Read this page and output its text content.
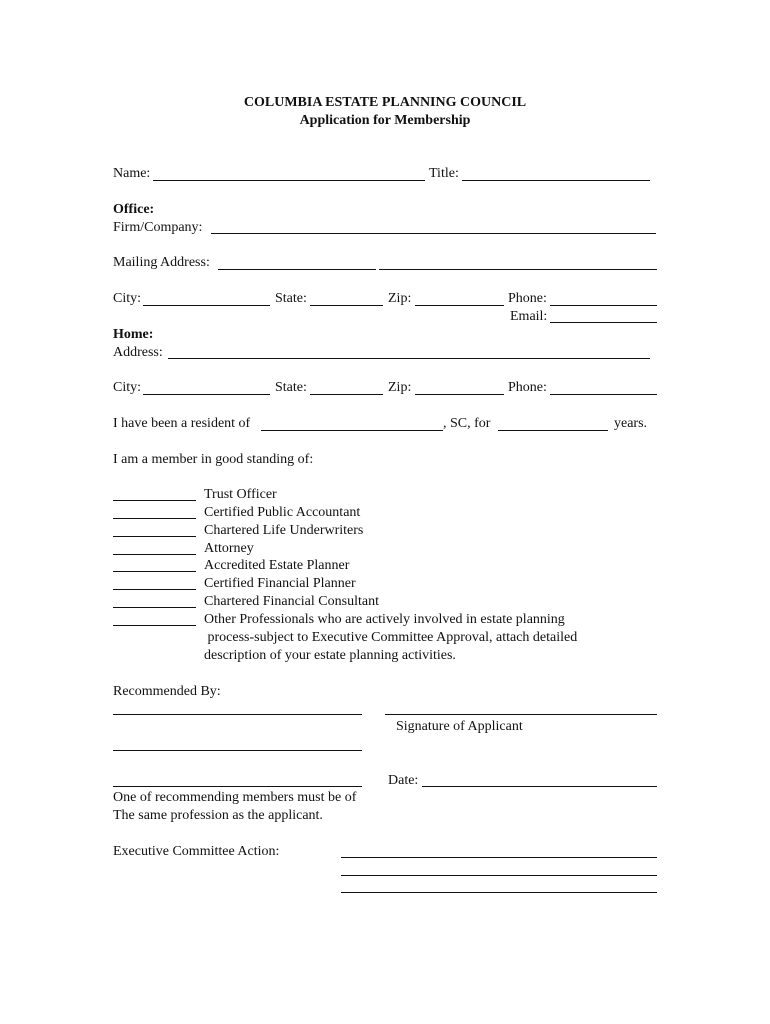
COLUMBIA ESTATE PLANNING COUNCIL
Application for Membership
Name:	Title:
Office:
Firm/Company:
Mailing Address:
City:	State:	Zip:	Phone:
Email:
Home:
Address:
City:	State:	Zip:	Phone:
I have been a resident of	, SC, for	years.
I am a member in good standing of:
Trust Officer
Certified Public Accountant
Chartered Life Underwriters
Attorney
Accredited Estate Planner
Certified Financial Planner
Chartered Financial Consultant
Other Professionals who are actively involved in estate planning
process-subject to Executive Committee Approval, attach detailed
description of your estate planning activities.
Recommended By:
Signature of Applicant
Date:
One of recommending members must be of
The same profession as the applicant.
Executive Committee Action:
